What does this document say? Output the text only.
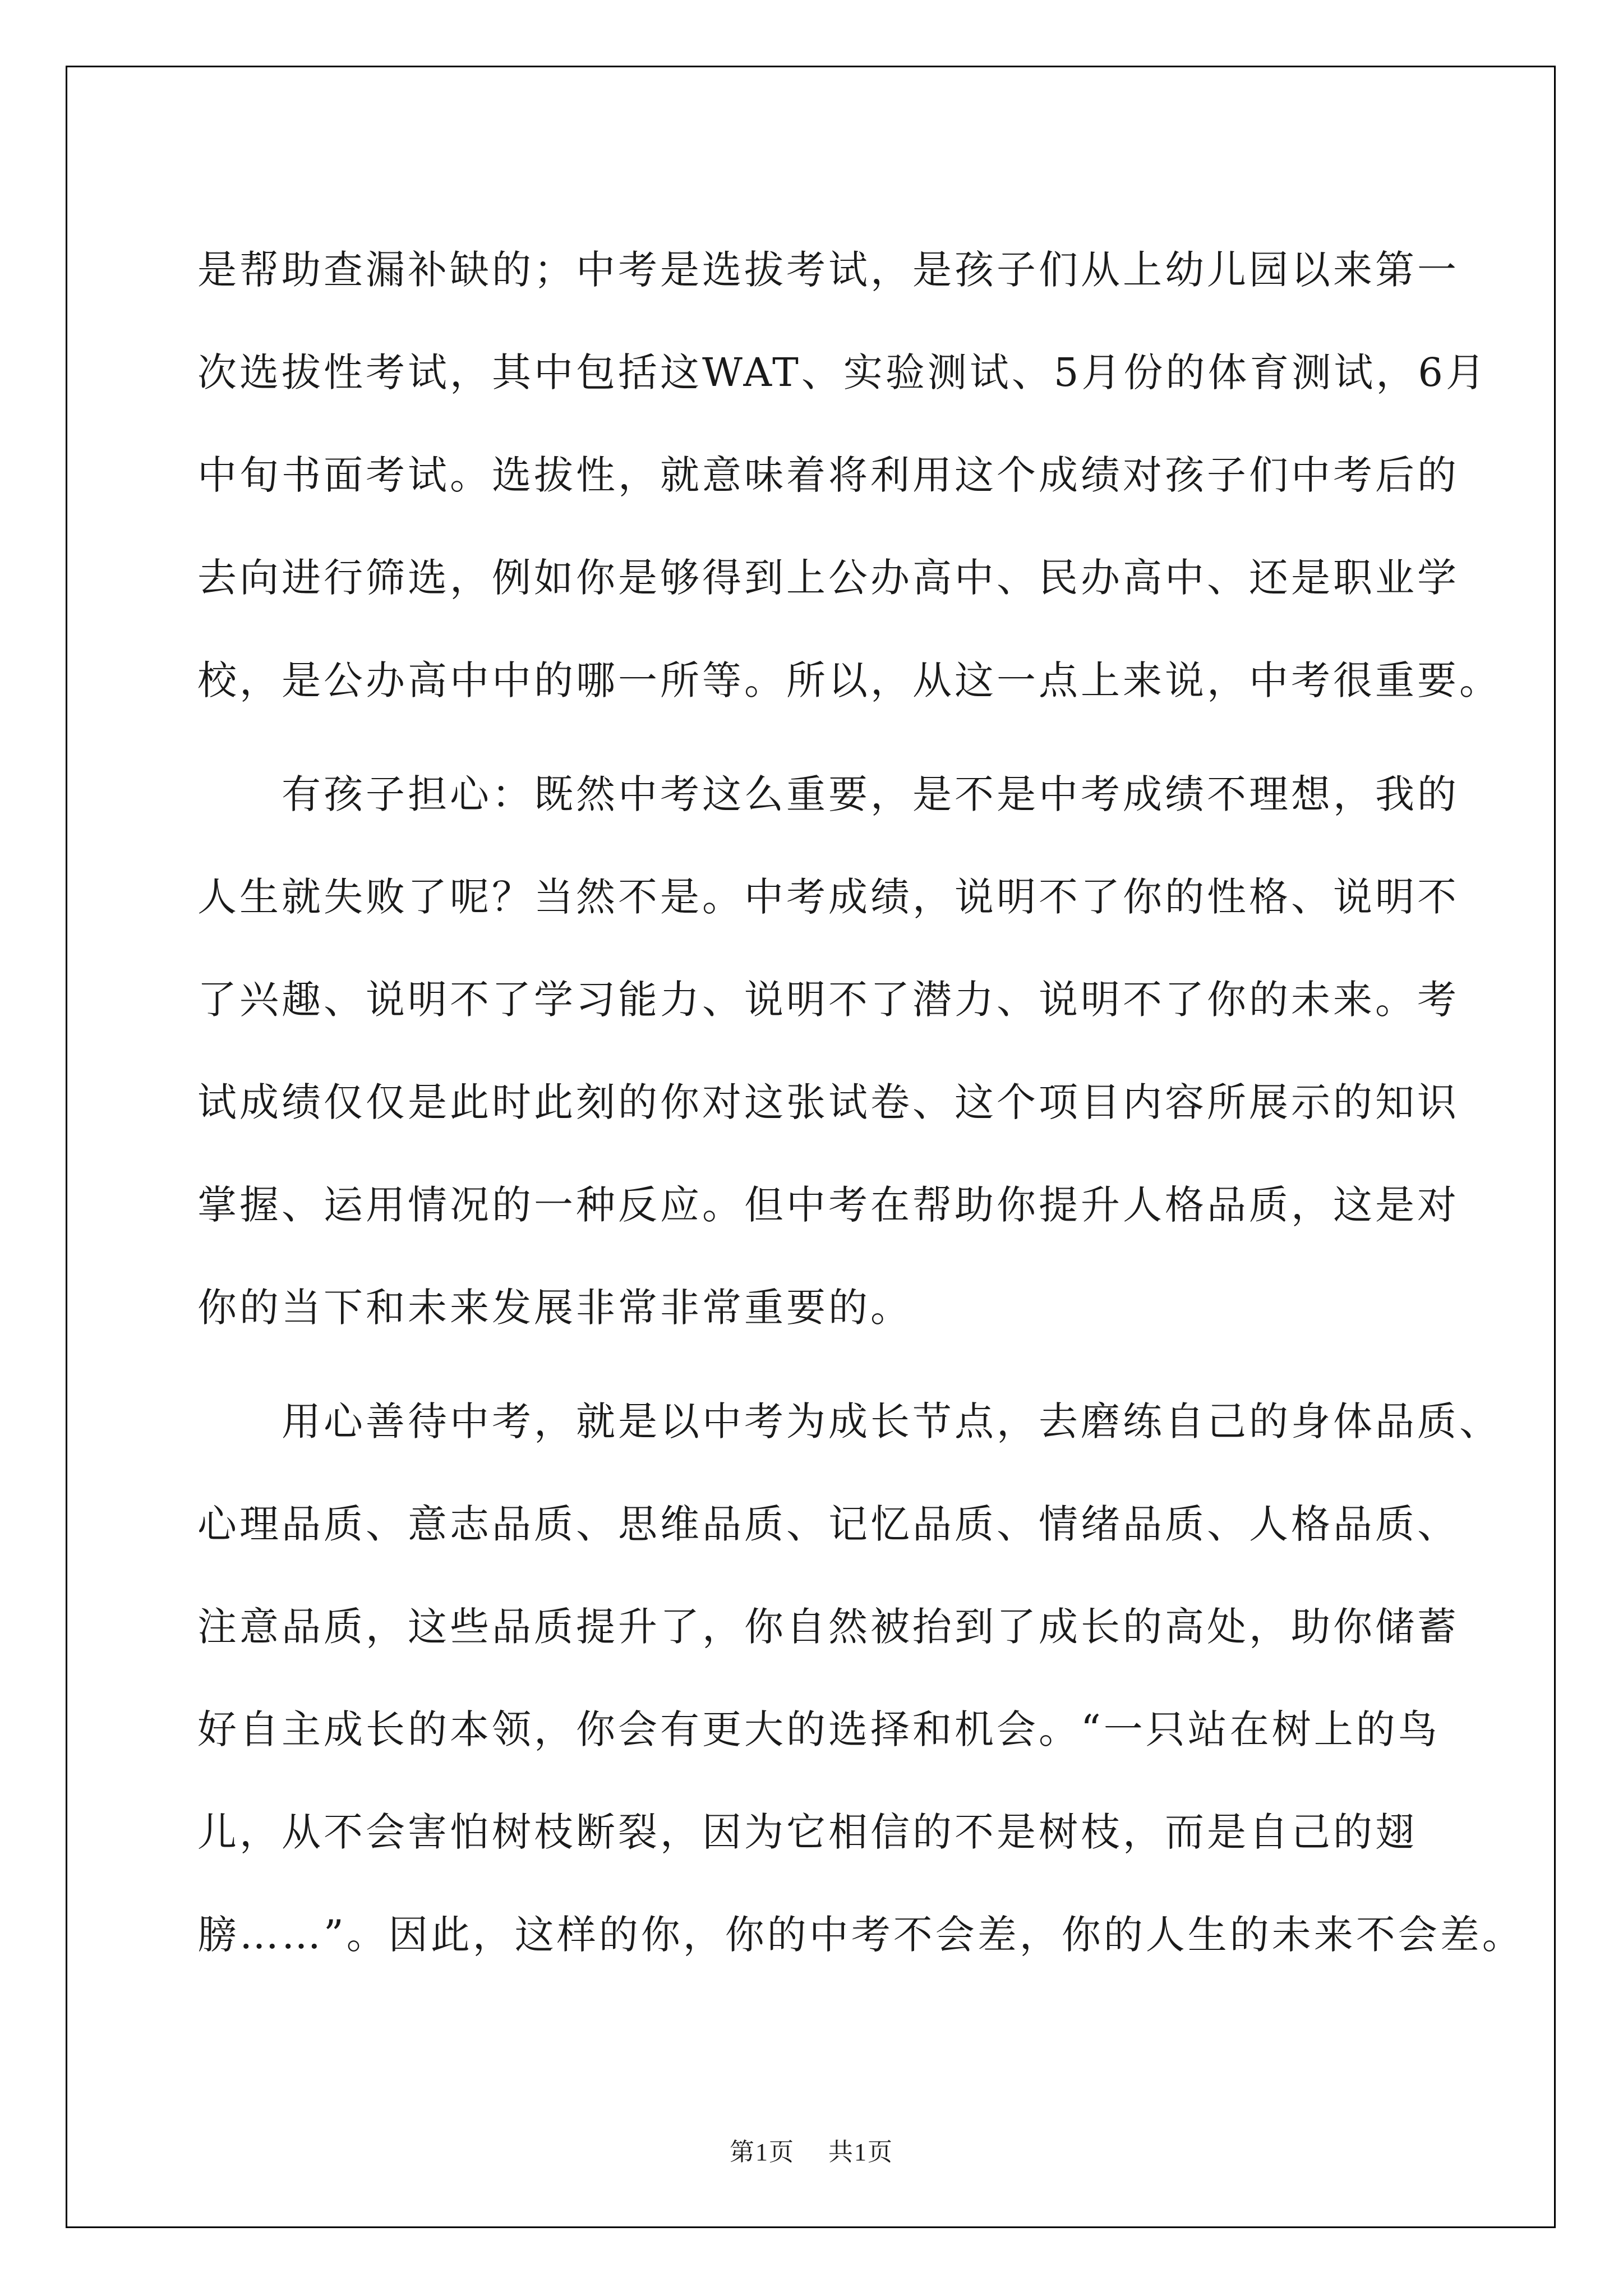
是帮助查漏补缺的；中考是选拔考试，是孩子们从上幼儿园以来第一
次选拔性考试，其中包括这WAT、实验测试、5月份的体育测试，6月
中旬书面考试。选拔性，就意味着将利用这个成绩对孩子们中考后的
去向进行筛选，例如你是够得到上公办高中、民办高中、还是职业学
校，是公办高中中的哪一所等。所以，从这一点上来说，中考很重要。
　　有孩子担心：既然中考这么重要，是不是中考成绩不理想，我的
人生就失败了呢？当然不是。中考成绩，说明不了你的性格、说明不
了兴趣、说明不了学习能力、说明不了潜力、说明不了你的未来。考
试成绩仅仅是此时此刻的你对这张试卷、这个项目内容所展示的知识
掌握、运用情况的一种反应。但中考在帮助你提升人格品质，这是对
你的当下和未来发展非常非常重要的。
　　用心善待中考，就是以中考为成长节点，去磨练自己的身体品质、
心理品质、意志品质、思维品质、记忆品质、情绪品质、人格品质、
注意品质，这些品质提升了，你自然被抬到了成长的高处，助你储蓄
好自主成长的本领，你会有更大的选择和机会。“一只站在树上的鸟
儿，从不会害怕树枝断裂，因为它相信的不是树枝，而是自己的翅
膀……”。因此，这样的你，你的中考不会差，你的人生的未来不会差。
第1页 共1页
